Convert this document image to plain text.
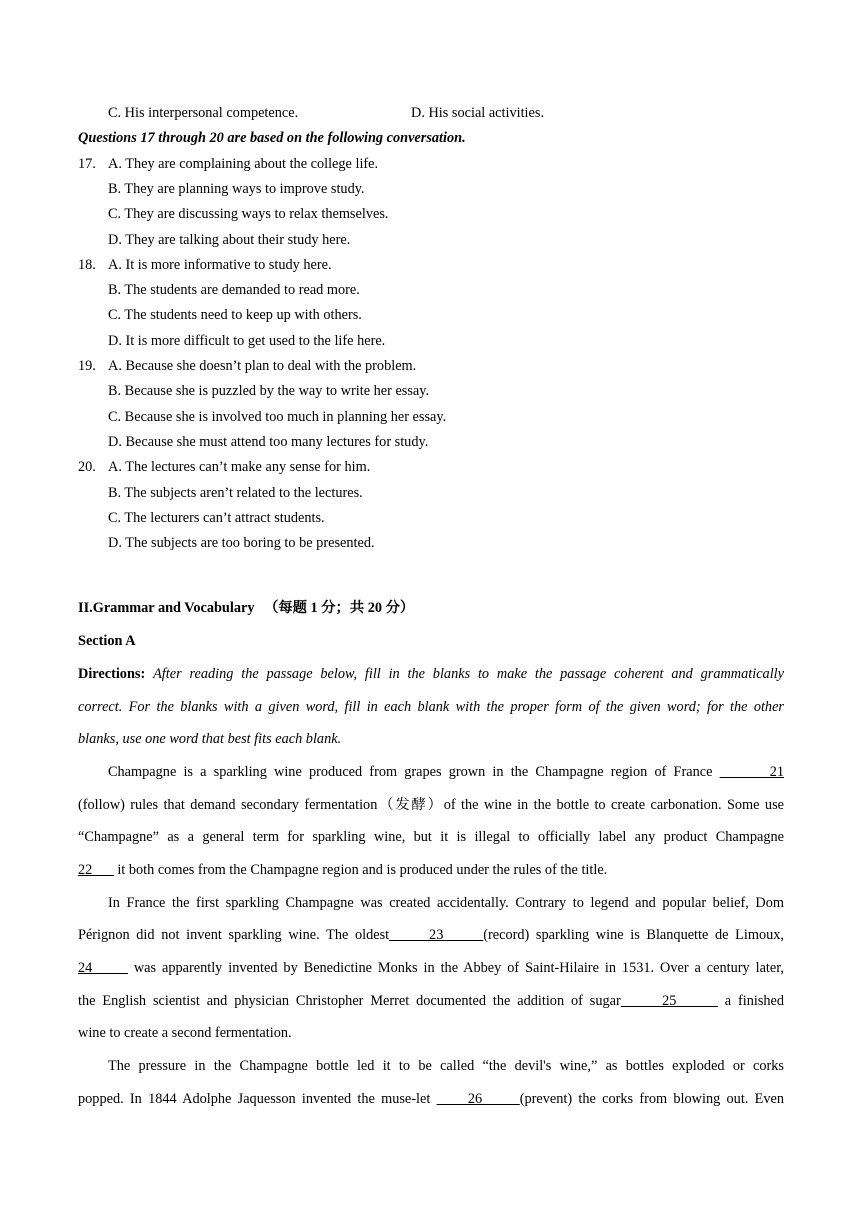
C. His interpersonal competence.	D. His social activities.
Questions 17 through 20 are based on the following conversation.
17. A. They are complaining about the college life.
B. They are planning ways to improve study.
C. They are discussing ways to relax themselves.
D. They are talking about their study here.
18. A. It is more informative to study here.
B. The students are demanded to read more.
C. The students need to keep up with others.
D. It is more difficult to get used to the life here.
19. A. Because she doesn’t plan to deal with the problem.
B. Because she is puzzled by the way to write her essay.
C. Because she is involved too much in planning her essay.
D. Because she must attend too many lectures for study.
20. A. The lectures can’t make any sense for him.
B. The subjects aren’t related to the lectures.
C. The lecturers can’t attract students.
D. The subjects are too boring to be presented.
II.Grammar and Vocabulary （每题 1 分；共 20 分）
Section A
Directions: After reading the passage below, fill in the blanks to make the passage coherent and grammatically
correct. For the blanks with a given word, fill in each blank with the proper form of the given word; for the other
blanks, use one word that best fits each blank.
Champagne is a sparkling wine produced from grapes grown in the Champagne region of France        21
(follow) rules that demand secondary fermentation（发酵）of the wine in the bottle to create carbonation. Some use
“Champagne” as a general term for sparkling wine, but it is illegal to officially label any product Champagne
22       it both comes from the Champagne region and is produced under the rules of the title.
In France the first sparkling Champagne was created accidentally. Contrary to legend and popular belief, Dom
Pérignon did not invent sparkling wine. The oldest      23      (record) sparkling wine is Blanquette de Limoux,
24       was apparently invented by Benedictine Monks in the Abbey of Saint-Hilaire in 1531. Over a century later,
the English scientist and physician Christopher Merret documented the addition of sugar      25       a finished
wine to create a second fermentation.
The pressure in the Champagne bottle led it to be called “the devil's wine,” as bottles exploded or corks
popped. In 1844 Adolphe Jaquesson invented the muse-let      26      (prevent) the corks from blowing out. Even
